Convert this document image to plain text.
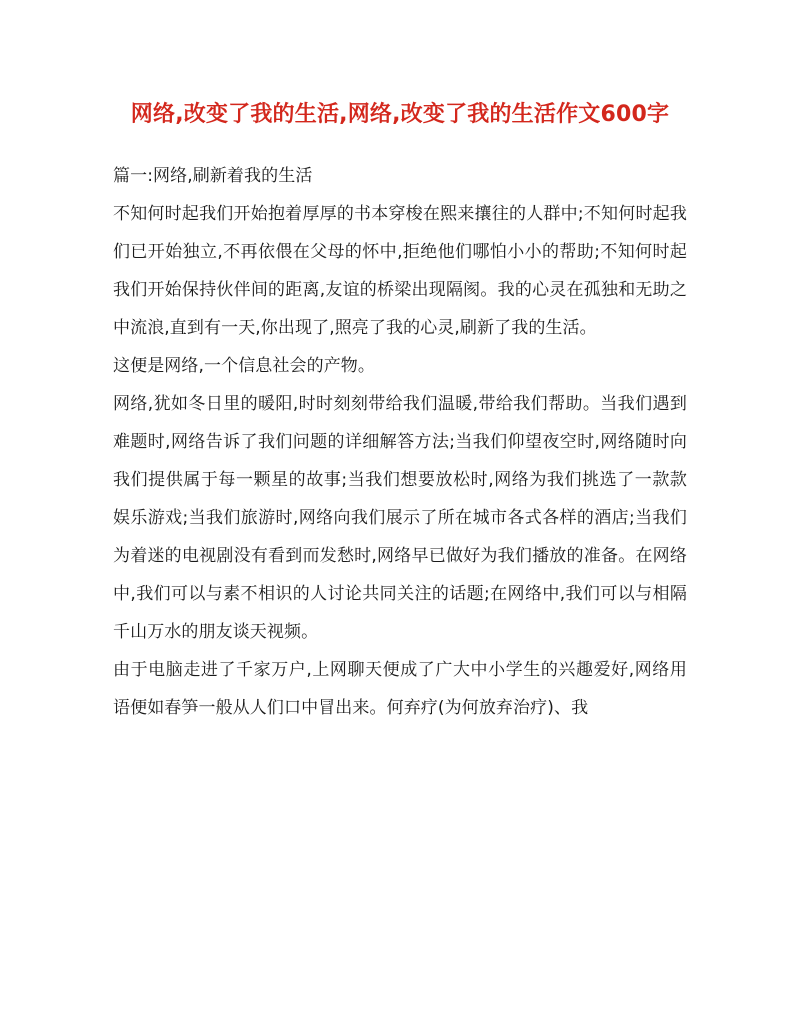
网络,改变了我的生活,网络,改变了我的生活作文600字

篇一:网络,刷新着我的生活

不知何时起我们开始抱着厚厚的书本穿梭在熙来攘往的人群中;不知何时起我们已开始独立,不再依偎在父母的怀中,拒绝他们哪怕小小的帮助;不知何时起我们开始保持伙伴间的距离,友谊的桥梁出现隔阂。我的心灵在孤独和无助之中流浪,直到有一天,你出现了,照亮了我的心灵,刷新了我的生活。

这便是网络,一个信息社会的产物。

网络,犹如冬日里的暖阳,时时刻刻带给我们温暖,带给我们帮助。当我们遇到难题时,网络告诉了我们问题的详细解答方法;当我们仰望夜空时,网络随时向我们提供属于每一颗星的故事;当我们想要放松时,网络为我们挑选了一款款娱乐游戏;当我们旅游时,网络向我们展示了所在城市各式各样的酒店;当我们为着迷的电视剧没有看到而发愁时,网络早已做好为我们播放的准备。在网络中,我们可以与素不相识的人讨论共同关注的话题;在网络中,我们可以与相隔千山万水的朋友谈天视频。

由于电脑走进了千家万户,上网聊天便成了广大中小学生的兴趣爱好,网络用语便如春笋一般从人们口中冒出来。何弃疗(为何放弃治疗)、我
